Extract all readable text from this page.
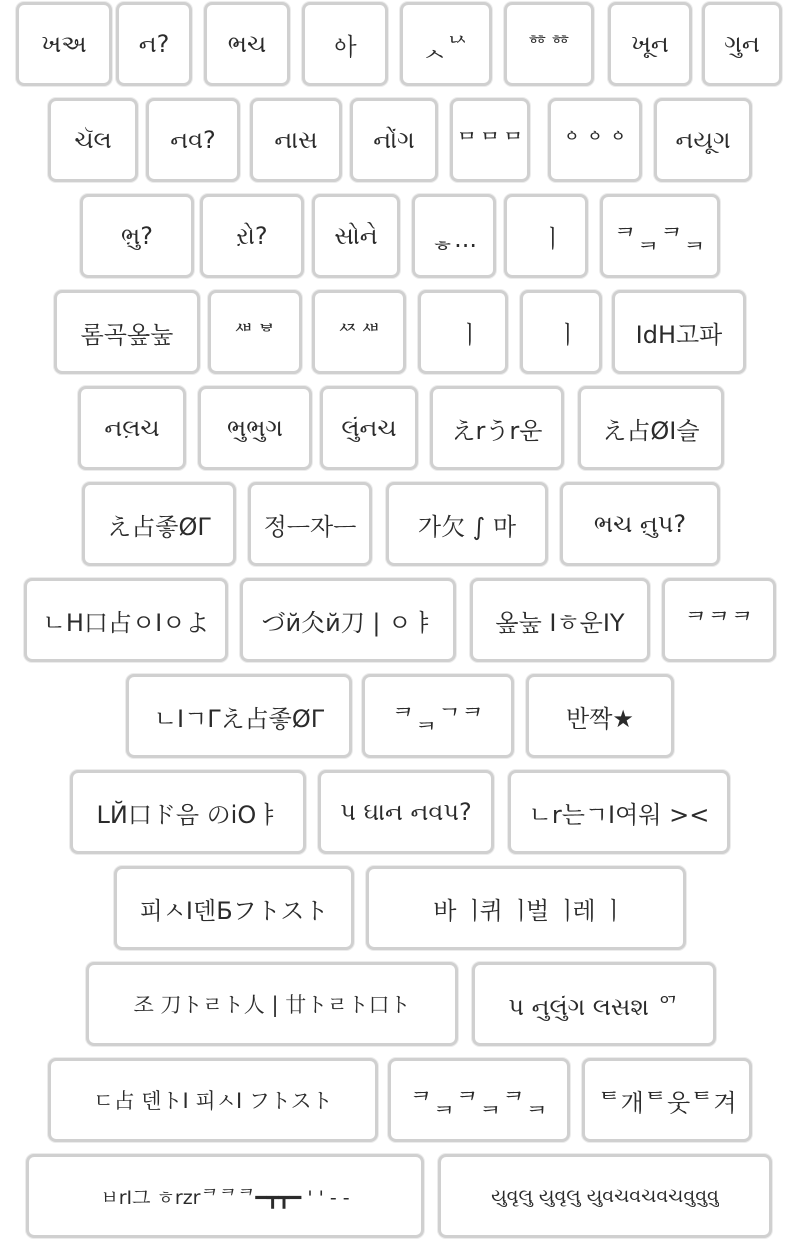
ખઅ ન? ભચ	ᅌᅡ	ᆺᅛ ᅘᅘ ખૂન ગુન
ચૅલ નવ? નાસ નોંગ ᄆᄆᄆ ᅌᅌᅌ નયૂગ
ભ઼ુ?	ર઼ો?	સોને ᇂ... ᅟᅵ ᄏᆿᄏᆿ
롬곡옾눞 ᄲᄫ ᄶᄲ	ᅟᅵ	ᅟᅵ	IdH고파
નલ઼ચ	ભુભુગ લુંનચ えrうr운 え占ØI슬
え占좋ØΓ 정ᅳ자ᅳ	가欠 ∫ 마	ભચ ન઼ુપ?
ㄴH口占ㅇIㅇよ づй仌й刀 | ㅇㅑ	옾눞 Iㅎ운IY ᄏᄏᄏ
ㄴIㄱΓえ占좋ØΓ	ᄏᆿᄀᄏ	반짝★
LЙ口ド음 のiOㅑ	પ ઘાન નવપ? ㄴr는ㄱI여워 ><
피ㅅI덴Бフトスト	바ᅟᅵ퀴ᅟᅵ벌ᅟᅵ레ᅟᅵ
조 刀トㄹト人 | 廿トㄹト口ト	પ નુલુંગ લસશ ᅁ
ㄷ占 덴トI 피ㅅI フトスト	ᄏᆿᄏᆿᄏᆿ ᄐ개ᄐ웃ᄐ겨
ㅂrI그 ㅎrzrᄏᄏᄏ━┳┳━ ' ' - -	યુવૃલુ યુવૃલુ યુવચવચવચવુવુવુ
